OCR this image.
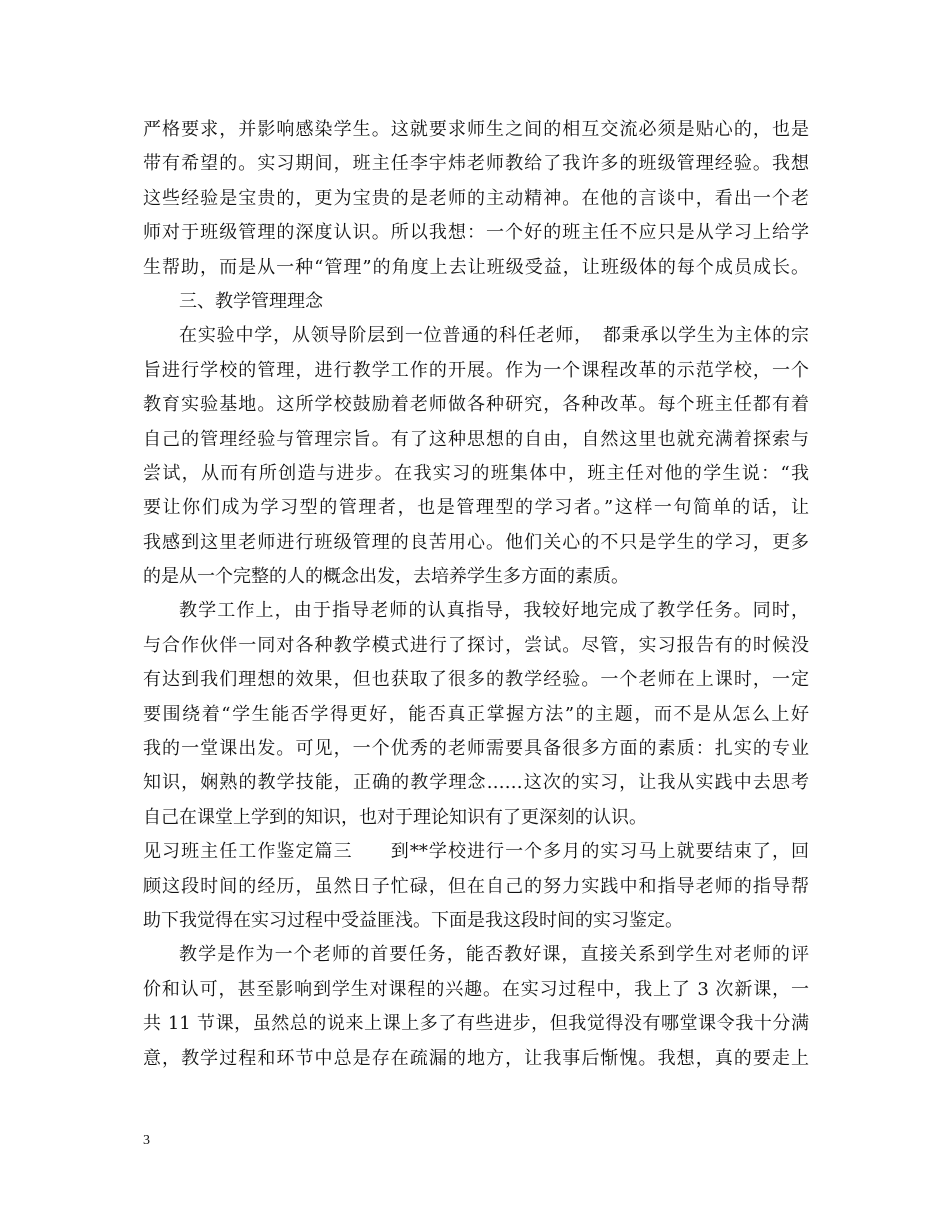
严格要求，并影响感染学生。这就要求师生之间的相互交流必须是贴心的，也是
带有希望的。实习期间，班主任李宇炜老师教给了我许多的班级管理经验。我想
这些经验是宝贵的，更为宝贵的是老师的主动精神。在他的言谈中，看出一个老
师对于班级管理的深度认识。所以我想：一个好的班主任不应只是从学习上给学
生帮助，而是从一种“管理”的角度上去让班级受益，让班级体的每个成员成长。
三、教学管理理念
在实验中学，从领导阶层到一位普通的科任老师，　都秉承以学生为主体的宗
旨进行学校的管理，进行教学工作的开展。作为一个课程改革的示范学校，一个
教育实验基地。这所学校鼓励着老师做各种研究，各种改革。每个班主任都有着
自己的管理经验与管理宗旨。有了这种思想的自由，自然这里也就充满着探索与
尝试，从而有所创造与进步。在我实习的班集体中，班主任对他的学生说：“我
要让你们成为学习型的管理者，也是管理型的学习者。”这样一句简单的话，让
我感到这里老师进行班级管理的良苦用心。他们关心的不只是学生的学习，更多
的是从一个完整的人的概念出发，去培养学生多方面的素质。
教学工作上，由于指导老师的认真指导，我较好地完成了教学任务。同时，
与合作伙伴一同对各种教学模式进行了探讨，尝试。尽管，实习报告有的时候没
有达到我们理想的效果，但也获取了很多的教学经验。一个老师在上课时，一定
要围绕着“学生能否学得更好，能否真正掌握方法”的主题，而不是从怎么上好
我的一堂课出发。可见，一个优秀的老师需要具备很多方面的素质：扎实的专业
知识，娴熟的教学技能，正确的教学理念……这次的实习，让我从实践中去思考
自己在课堂上学到的知识，也对于理论知识有了更深刻的认识。
见习班主任工作鉴定篇三　　到**学校进行一个多月的实习马上就要结束了，回
顾这段时间的经历，虽然日子忙碌，但在自己的努力实践中和指导老师的指导帮
助下我觉得在实习过程中受益匪浅。下面是我这段时间的实习鉴定。
教学是作为一个老师的首要任务，能否教好课，直接关系到学生对老师的评
价和认可，甚至影响到学生对课程的兴趣。在实习过程中，我上了 3 次新课，一
共 11 节课，虽然总的说来上课上多了有些进步，但我觉得没有哪堂课令我十分满
意，教学过程和环节中总是存在疏漏的地方，让我事后惭愧。我想，真的要走上
3
